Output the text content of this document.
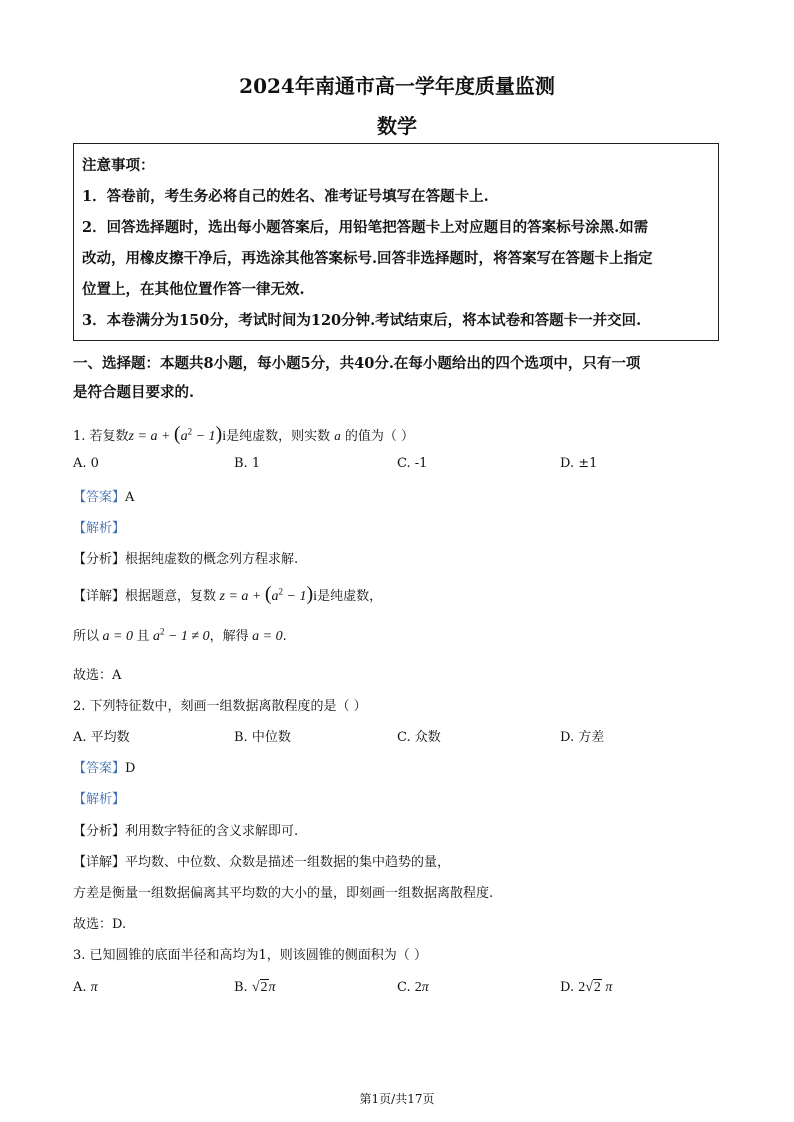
2024年南通市高一学年度质量监测
数学
注意事项：
1．答卷前，考生务必将自己的姓名、准考证号填写在答题卡上.
2．回答选择题时，选出每小题答案后，用铅笔把答题卡上对应题目的答案标号涂黑.如需
改动，用橡皮擦干净后，再选涂其他答案标号.回答非选择题时，将答案写在答题卡上指定
位置上，在其他位置作答一律无效.
3．本卷满分为150分，考试时间为120分钟.考试结束后，将本试卷和答题卡一并交回.
一、选择题：本题共8小题，每小题5分，共40分.在每小题给出的四个选项中，只有一项
是符合题目要求的.
1. 若复数$z = a + (a^2 - 1)i$是纯虚数，则实数 a 的值为（ ）
A. 0	B. 1	C. -1	D. ±1
【答案】A
【解析】
【分析】根据纯虚数的概念列方程求解.
【详解】根据题意，复数 $z = a + (a^2 - 1)i$是纯虚数，
所以 a = 0 且 $a^2 - 1 \ne 0$，解得 a = 0.
故选：A
2. 下列特征数中，刻画一组数据离散程度的是（ ）
A. 平均数	B. 中位数	C. 众数	D. 方差
【答案】D
【解析】
【分析】利用数字特征的含义求解即可.
【详解】平均数、中位数、众数是描述一组数据的集中趋势的量，
方差是衡量一组数据偏离其平均数的大小的量，即刻画一组数据离散程度.
故选：D.
3. 已知圆锥的底面半径和高均为1，则该圆锥的侧面积为（ ）
A. π	B. √2π	C. 2π	D. 2√2 π
第1页/共17页
